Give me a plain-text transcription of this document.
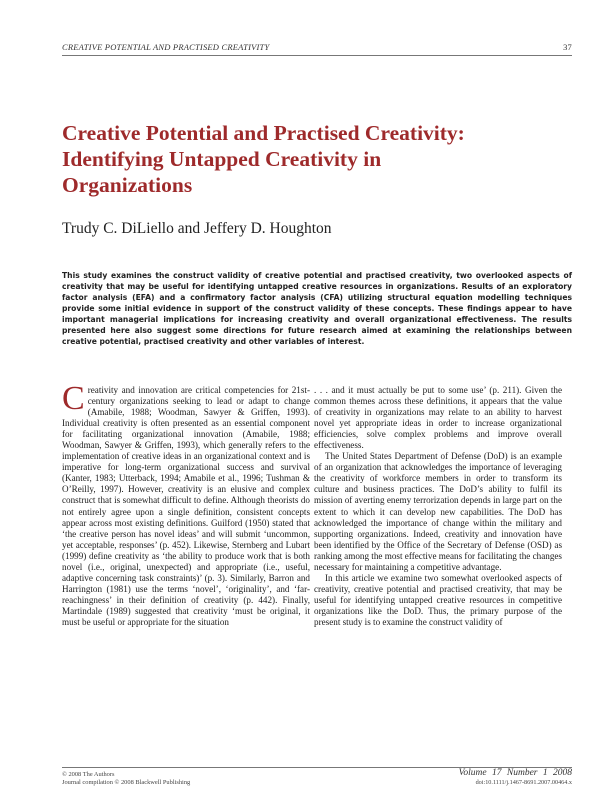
CREATIVE POTENTIAL AND PRACTISED CREATIVITY	37
Creative Potential and Practised Creativity: Identifying Untapped Creativity in Organizations
Trudy C. DiLiello and Jeffery D. Houghton
This study examines the construct validity of creative potential and practised creativity, two overlooked aspects of creativity that may be useful for identifying untapped creative resources in organizations. Results of an exploratory factor analysis (EFA) and a confirmatory factor analysis (CFA) utilizing structural equation modelling techniques provide some initial evidence in support of the construct validity of these concepts. These findings appear to have important managerial implications for increasing creativity and overall organizational effectiveness. The results presented here also suggest some directions for future research aimed at examining the relationships between creative potential, practised creativity and other variables of interest.

Creativity and innovation are critical competencies for 21st-century organizations seeking to lead or adapt to change (Amabile, 1988; Woodman, Sawyer & Griffen, 1993). Individual creativity is often presented as an essential component for facilitating organizational innovation (Amabile, 1988; Woodman, Sawyer & Griffen, 1993), which generally refers to the implementation of creative ideas in an organizational context and is imperative for long-term organizational success and survival (Kanter, 1983; Utterback, 1994; Amabile et al., 1996; Tushman & O’Reilly, 1997). However, creativity is an elusive and complex construct that is somewhat difficult to define. Although theorists do not entirely agree upon a single definition, consistent concepts appear across most existing definitions. Guilford (1950) stated that ‘the creative person has novel ideas’ and will submit ‘uncommon, yet acceptable, responses’ (p. 452). Likewise, Sternberg and Lubart (1999) define creativity as ‘the ability to produce work that is both novel (i.e., original, unexpected) and appropriate (i.e., useful, adaptive concerning task constraints)’ (p. 3). Similarly, Barron and Harrington (1981) use the terms ‘novel’, ‘originality’, and ‘far-reachingness’ in their definition of creativity (p. 442). Finally, Martindale (1989) suggested that creativity ‘must be original, it must be useful or appropriate for the situation

. . . and it must actually be put to some use’ (p. 211). Given the common themes across these definitions, it appears that the value of creativity in organizations may relate to an ability to harvest novel yet appropriate ideas in order to increase organizational efficiencies, solve complex problems and improve overall effectiveness.

The United States Department of Defense (DoD) is an example of an organization that acknowledges the importance of leveraging the creativity of workforce members in order to transform its culture and business practices. The DoD’s ability to fulfil its mission of averting enemy terrorization depends in large part on the extent to which it can develop new capabilities. The DoD has acknowledged the importance of change within the military and supporting organizations. Indeed, creativity and innovation have been identified by the Office of the Secretary of Defense (OSD) as ranking among the most effective means for facilitating the changes necessary for maintaining a competitive advantage.

In this article we examine two somewhat overlooked aspects of creativity, creative potential and practised creativity, that may be useful for identifying untapped creative resources in competitive organizations like the DoD. Thus, the primary purpose of the present study is to examine the construct validity of

© 2008 The Authors
Journal compilation © 2008 Blackwell Publishing
Volume 17 Number 1 2008
doi:10.1111/j.1467-8691.2007.00464.x
